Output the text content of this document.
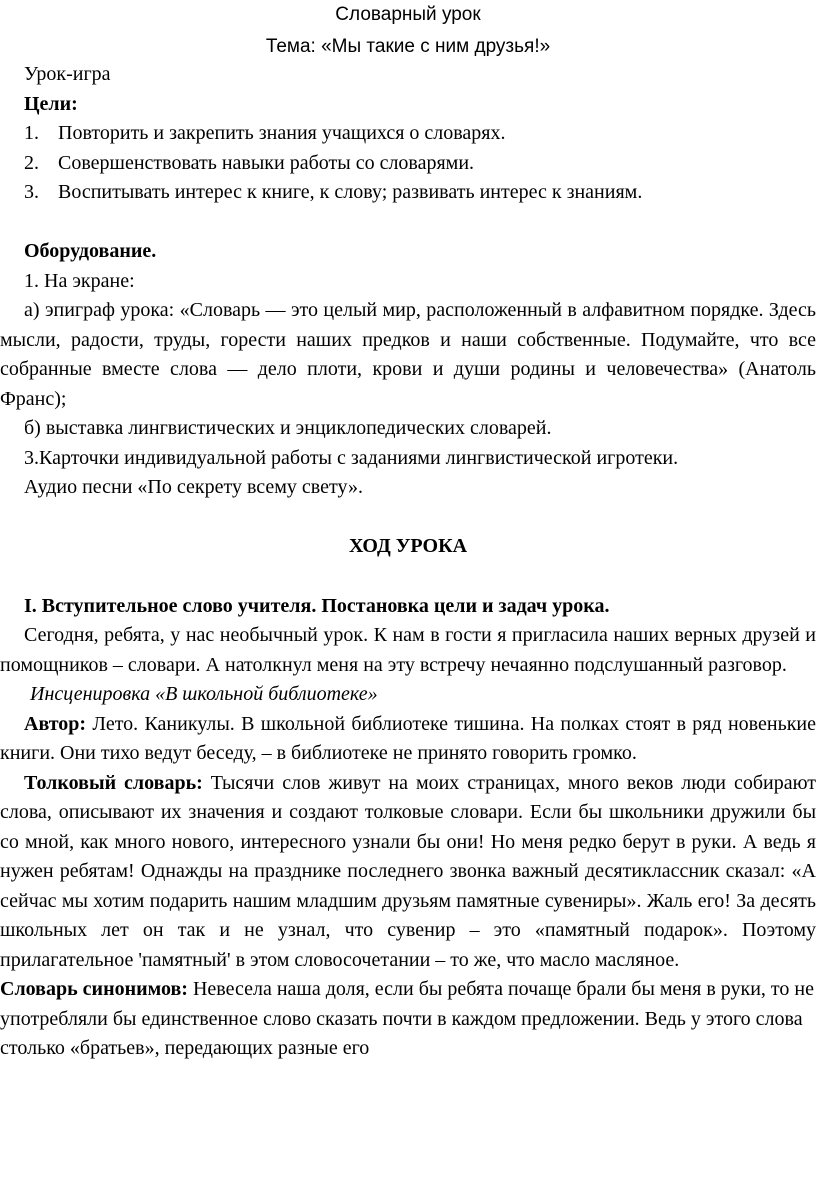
Словарный урок
Тема: «Мы такие с ним друзья!»

Урок-игра

Цели:

1. Повторить и закрепить знания учащихся о словарях.
2. Совершенствовать навыки работы со словарями.
3. Воспитывать интерес к книге, к слову; развивать интерес к знаниям.

Оборудование.

1. На экране:

а) эпиграф урока: «Словарь — это целый мир, расположенный в алфавитном порядке. Здесь мысли, радости, труды, горести наших предков и наши собственные. Подумайте, что все собранные вместе слова — дело плоти, крови и души родины и человечества» (Анатоль Франс);

б) выставка лингвистических и энциклопедических словарей.

3.Карточки индивидуальной работы с заданиями лингвистической игротеки.

Аудио песни «По секрету всему свету».

ХОД УРОКА

I. Вступительное слово учителя. Постановка цели и задач урока.

Сегодня, ребята, у нас необычный урок. К нам в гости я пригласила наших верных друзей и помощников – словари. А натолкнул меня на эту встречу нечаянно подслушанный разговор.

Инсценировка «В школьной библиотеке»

Автор: Лето. Каникулы. В школьной библиотеке тишина. На полках стоят в ряд новенькие книги. Они тихо ведут беседу, – в библиотеке не принято говорить громко.

Толковый словарь: Тысячи слов живут на моих страницах, много веков люди собирают слова, описывают их значения и создают толковые словари. Если бы школьники дружили бы со мной, как много нового, интересного узнали бы они! Но меня редко берут в руки. А ведь я нужен ребятам! Однажды на празднике последнего звонка важный десятиклассник сказал: «А сейчас мы хотим подарить нашим младшим друзьям памятные сувениры». Жаль его! За десять школьных лет он так и не узнал, что сувенир – это «памятный подарок». Поэтому прилагательное 'памятный' в этом словосочетании – то же, что масло масляное.

Словарь синонимов: Невесела наша доля, если бы ребята почаще брали бы меня в руки, то не употребляли бы единственное слово сказать почти в каждом предложении. Ведь у этого слова столько «братьев», передающих разные его
